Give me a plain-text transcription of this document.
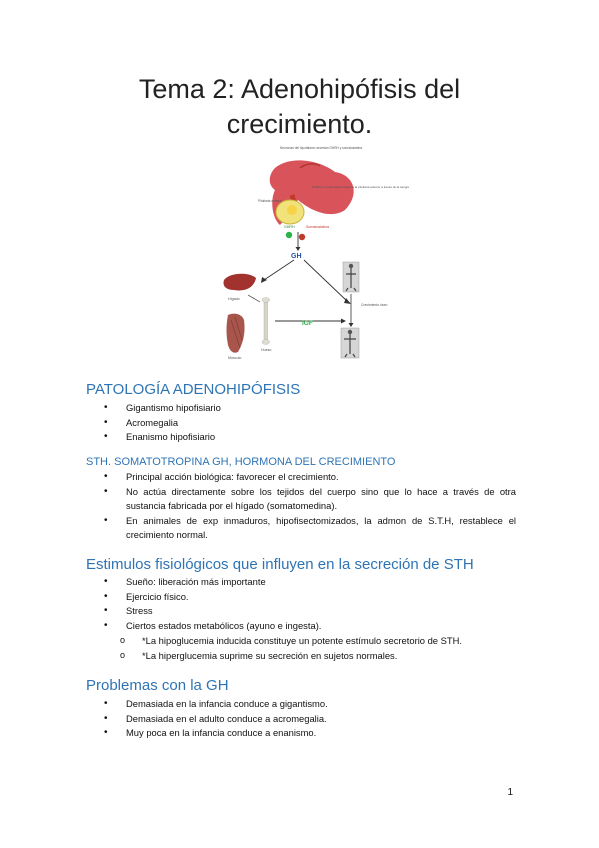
Tema 2: Adenohipófisis del
crecimiento.
Neuronas del hipotálamo secretan GHRH y somatostatina
Pituitaria anterior
GHRH y somatostatina llegan a la pituitaria anterior a través de la sangre
GHRH	Somatostatina
GH
Hígado
Músculo
Hueso
IGF
Crecimiento óseo
PATOLOGÍA ADENOHIPÓFISIS
• Gigantismo hipofisiario
• Acromegalia
• Enanismo hipofisiario
STH. SOMATOTROPINA GH, HORMONA DEL CRECIMIENTO
• Principal acción biológica: favorecer el crecimiento.
• No actúa directamente sobre los tejidos del cuerpo sino que lo hace a través de otra sustancia fabricada por el hígado (somatomedina).
• En animales de exp inmaduros, hipofisectomizados, la admon de S.T.H, restablece el crecimiento normal.
Estimulos fisiológicos que influyen en la secreción de STH
• Sueño: liberación más importante
• Ejercicio físico.
• Stress
• Ciertos estados metabólicos (ayuno e ingesta).
o *La hipoglucemia inducida constituye un potente estímulo secretorio de STH.
o *La hiperglucemia suprime su secreción en sujetos normales.
Problemas con la GH
• Demasiada en la infancia conduce a gigantismo.
• Demasiada en el adulto conduce a acromegalia.
• Muy poca en la infancia conduce a enanismo.
1
